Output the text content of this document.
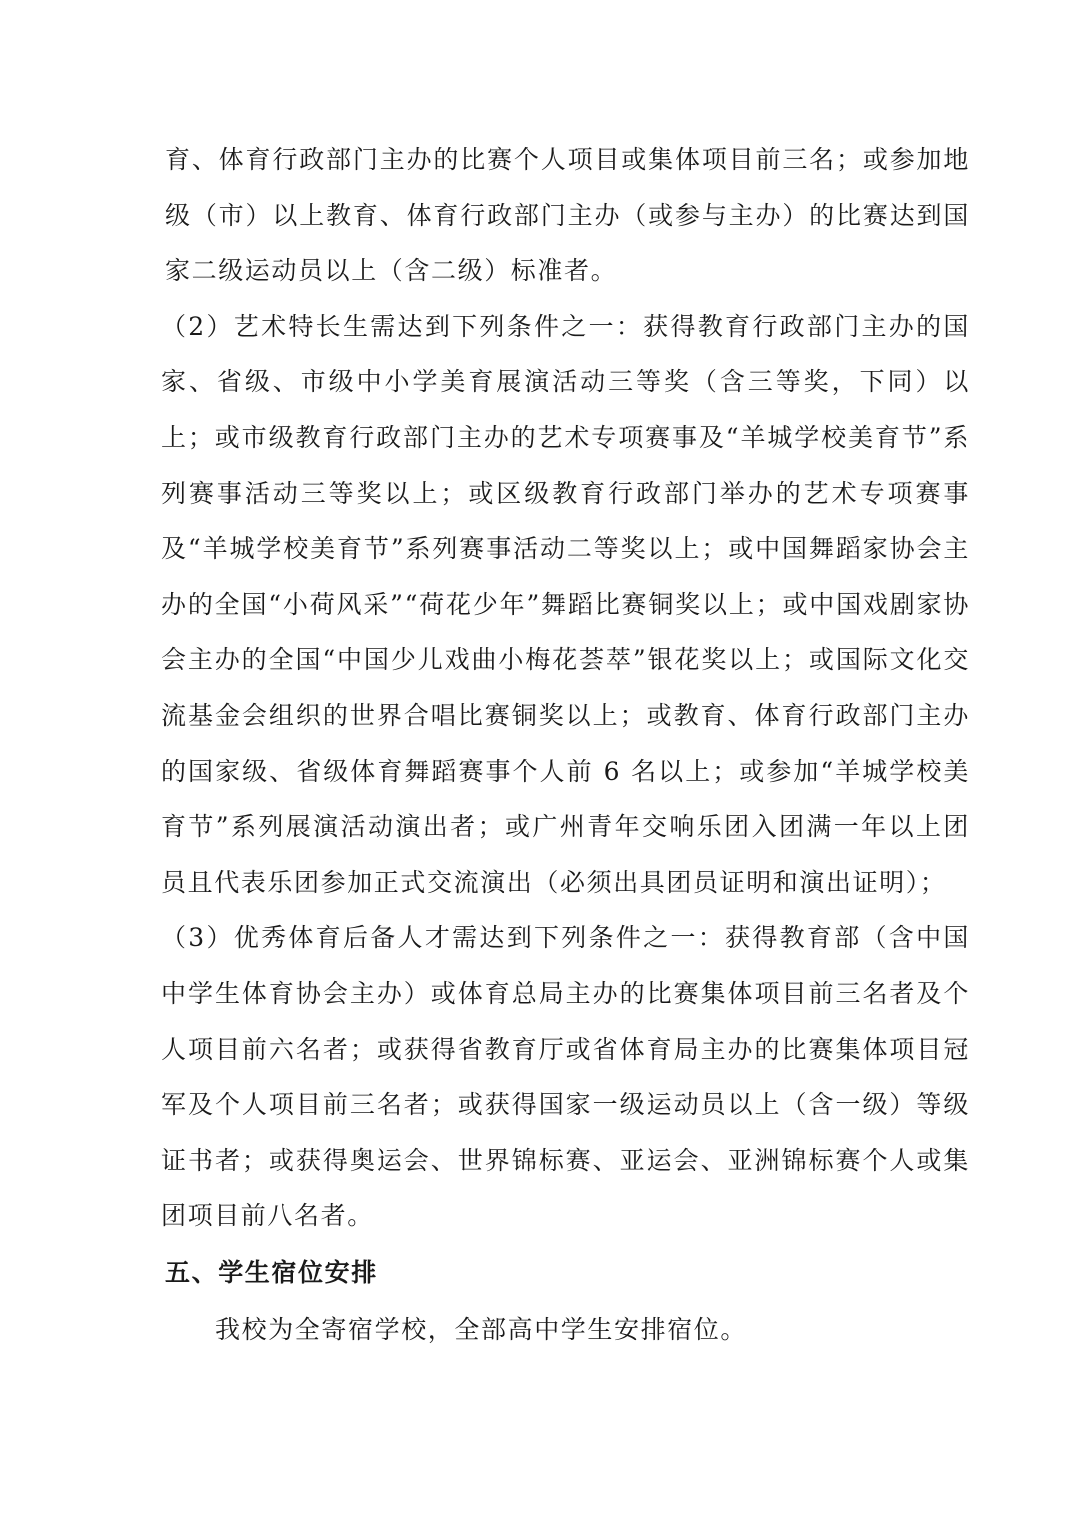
育、体育行政部门主办的比赛个人项目或集体项目前三名；或参加地级（市）以上教育、体育行政部门主办（或参与主办）的比赛达到国家二级运动员以上（含二级）标准者。

（2）艺术特长生需达到下列条件之一：获得教育行政部门主办的国家、省级、市级中小学美育展演活动三等奖（含三等奖，下同）以上；或市级教育行政部门主办的艺术专项赛事及“羊城学校美育节”系列赛事活动三等奖以上；或区级教育行政部门举办的艺术专项赛事及“羊城学校美育节”系列赛事活动二等奖以上；或中国舞蹈家协会主办的全国“小荷风采”“荷花少年”舞蹈比赛铜奖以上；或中国戏剧家协会主办的全国“中国少儿戏曲小梅花荟萃”银花奖以上；或国际文化交流基金会组织的世界合唱比赛铜奖以上；或教育、体育行政部门主办的国家级、省级体育舞蹈赛事个人前 6 名以上；或参加“羊城学校美育节”系列展演活动演出者；或广州青年交响乐团入团满一年以上团员且代表乐团参加正式交流演出（必须出具团员证明和演出证明）；

（3）优秀体育后备人才需达到下列条件之一：获得教育部（含中国中学生体育协会主办）或体育总局主办的比赛集体项目前三名者及个人项目前六名者；或获得省教育厅或省体育局主办的比赛集体项目冠军及个人项目前三名者；或获得国家一级运动员以上（含一级）等级证书者；或获得奥运会、世界锦标赛、亚运会、亚洲锦标赛个人或集团项目前八名者。

五、学生宿位安排

我校为全寄宿学校，全部高中学生安排宿位。
